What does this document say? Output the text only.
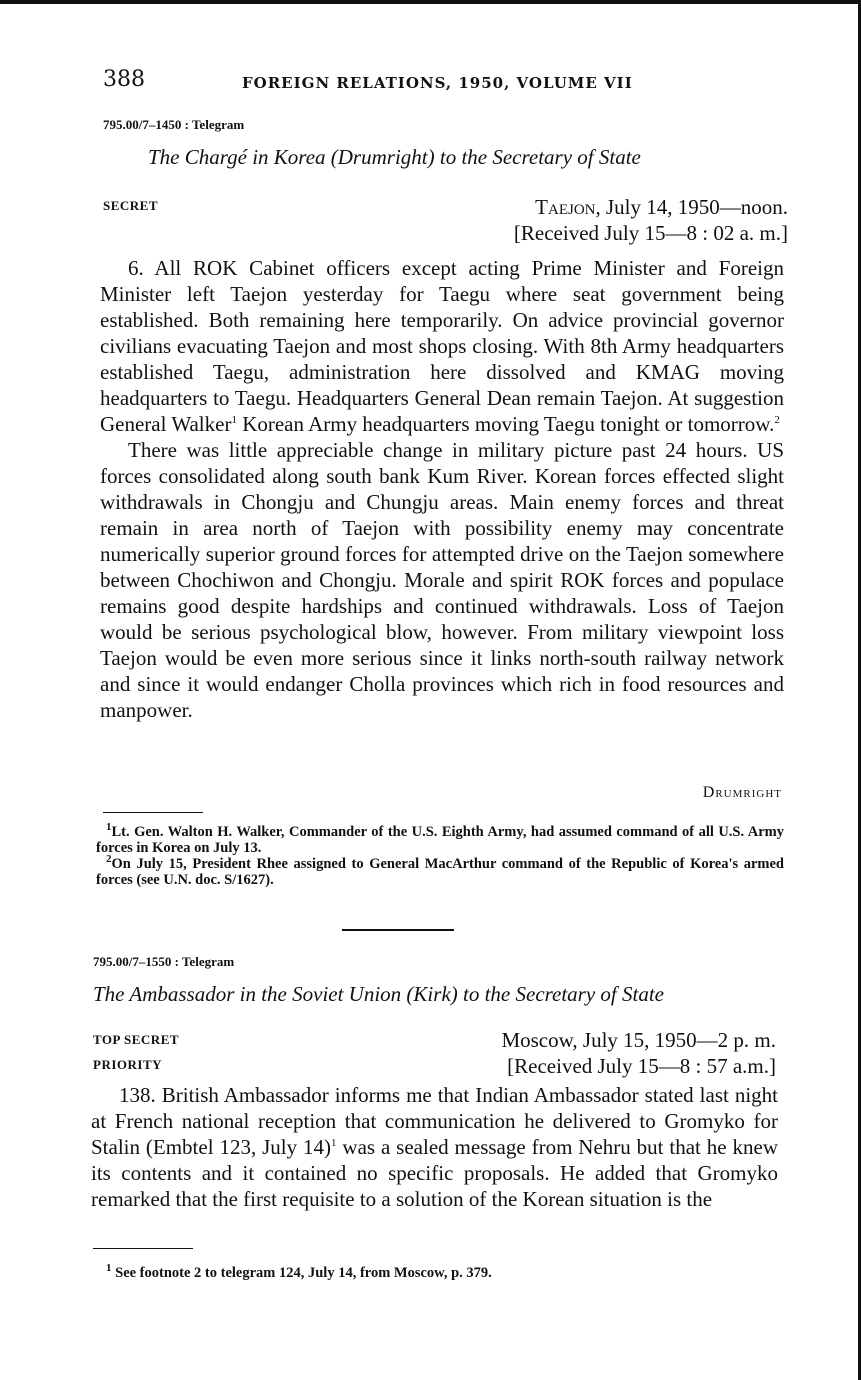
388	FOREIGN RELATIONS, 1950, VOLUME VII
795.00/7–1450 : Telegram
The Chargé in Korea (Drumright) to the Secretary of State
SECRET	Taejon, July 14, 1950—noon.
[Received July 15—8 : 02 a. m.]

6. All ROK Cabinet officers except acting Prime Minister and Foreign Minister left Taejon yesterday for Taegu where seat government being established. Both remaining here temporarily. On advice provincial governor civilians evacuating Taejon and most shops closing. With 8th Army headquarters established Taegu, administration here dissolved and KMAG moving headquarters to Taegu. Headquarters General Dean remain Taejon. At suggestion General Walker$^1$ Korean Army headquarters moving Taegu tonight or tomorrow.$^2$

There was little appreciable change in military picture past 24 hours. US forces consolidated along south bank Kum River. Korean forces effected slight withdrawals in Chongju and Chungju areas. Main enemy forces and threat remain in area north of Taejon with possibility enemy may concentrate numerically superior ground forces for attempted drive on the Taejon somewhere between Chochiwon and Chongju. Morale and spirit ROK forces and populace remains good despite hardships and continued withdrawals. Loss of Taejon would be serious psychological blow, however. From military viewpoint loss Taejon would be even more serious since it links north-south railway network and since it would endanger Cholla provinces which rich in food resources and manpower.

Drumright

$^1$Lt. Gen. Walton H. Walker, Commander of the U.S. Eighth Army, had assumed command of all U.S. Army forces in Korea on July 13.

$^2$On July 15, President Rhee assigned to General MacArthur command of the Republic of Korea's armed forces (see U.N. doc. S/1627).

795.00/7–1550 : Telegram
The Ambassador in the Soviet Union (Kirk) to the Secretary of State
TOP SECRET
PRIORITY
Moscow, July 15, 1950—2 p. m.
[Received July 15—8 : 57 a.m.]

138. British Ambassador informs me that Indian Ambassador stated last night at French national reception that communication he delivered to Gromyko for Stalin (Embtel 123, July 14)$^1$ was a sealed message from Nehru but that he knew its contents and it contained no specific proposals. He added that Gromyko remarked that the first requisite to a solution of the Korean situation is the

$^1$ See footnote 2 to telegram 124, July 14, from Moscow, p. 379.
